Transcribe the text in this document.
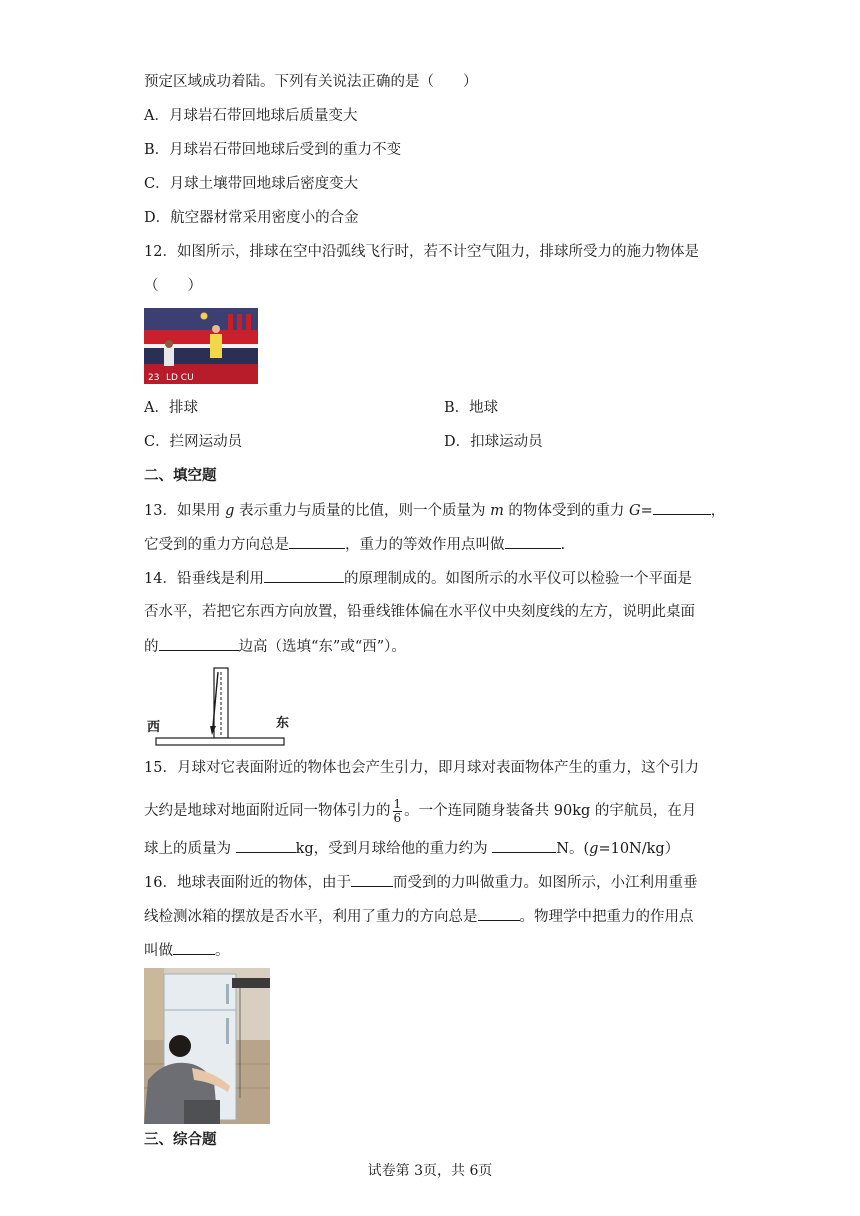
预定区域成功着陆。下列有关说法正确的是（　　）
A．月球岩石带回地球后质量变大
B．月球岩石带回地球后受到的重力不变
C．月球土壤带回地球后密度变大
D．航空器材常采用密度小的合金
12．如图所示，排球在空中沿弧线飞行时，若不计空气阻力，排球所受力的施力物体是
（　　）
23 LD CU
A．排球	B．地球
C．拦网运动员	D．扣球运动员
二、填空题
13．如果用 g 表示重力与质量的比值，则一个质量为 m 的物体受到的重力 G=	，
它受到的重力方向总是	，重力的等效作用点叫做	.
14．铅垂线是利用	的原理制成的。如图所示的水平仪可以检验一个平面是
否水平，若把它东西方向放置，铅垂线锥体偏在水平仪中央刻度线的左方，说明此桌面
的	边高（选填“东”或“西”）。
西	东
15．月球对它表面附近的物体也会产生引力，即月球对表面物体产生的重力，这个引力
大约是地球对地面附近同一物体引力的 $\frac{1}{6}$ 。一个连同随身装备共 90kg 的宇航员，在月
球上的质量为	kg，受到月球给他的重力约为	N。(g=10N/kg）
16．地球表面附近的物体，由于	而受到的力叫做重力。如图所示，小江利用重垂
线检测冰箱的摆放是否水平，利用了重力的方向总是	。物理学中把重力的作用点
叫做	。
三、综合题
试卷第 3页，共 6页
